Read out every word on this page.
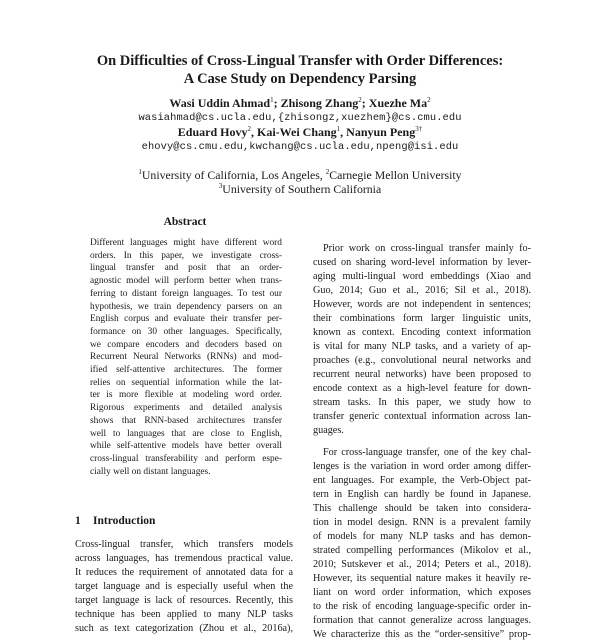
On Difficulties of Cross-Lingual Transfer with Order Differences:
A Case Study on Dependency Parsing
Wasi Uddin Ahmad$^1$; Zhisong Zhang$^2$; Xuezhe Ma$^2$
wasiahmad@cs.ucla.edu,{zhisongz,xuezhem}@cs.cmu.edu
Eduard Hovy$^2$, Kai-Wei Chang$^1$, Nanyun Peng$^{3\dagger}$
ehovy@cs.cmu.edu,kwchang@cs.ucla.edu,npeng@isi.edu
$^1$University of California, Los Angeles, $^2$Carnegie Mellon University
$^3$University of Southern California
Abstract
Different languages might have different word
orders. In this paper, we investigate cross-
lingual transfer and posit that an order-
agnostic model will perform better when trans-
ferring to distant foreign languages. To test our
hypothesis, we train dependency parsers on an
English corpus and evaluate their transfer per-
formance on 30 other languages. Specifically,
we compare encoders and decoders based on
Recurrent Neural Networks (RNNs) and mod-
ified self-attentive architectures. The former
relies on sequential information while the lat-
ter is more flexible at modeling word order.
Rigorous experiments and detailed analysis
shows that RNN-based architectures transfer
well to languages that are close to English,
while self-attentive models have better overall
cross-lingual transferability and perform espe-
cially well on distant languages.
1 Introduction
Cross-lingual transfer, which transfers models
across languages, has tremendous practical value.
It reduces the requirement of annotated data for a
target language and is especially useful when the
target language is lack of resources. Recently, this
technique has been applied to many NLP tasks
such as text categorization (Zhou et al., 2016a),
Prior work on cross-lingual transfer mainly fo-
cused on sharing word-level information by lever-
aging multi-lingual word embeddings (Xiao and
Guo, 2014; Guo et al., 2016; Sil et al., 2018).
However, words are not independent in sentences;
their combinations form larger linguistic units,
known as context. Encoding context information
is vital for many NLP tasks, and a variety of ap-
proaches (e.g., convolutional neural networks and
recurrent neural networks) have been proposed to
encode context as a high-level feature for down-
stream tasks. In this paper, we study how to
transfer generic contextual information across lan-
guages.
For cross-language transfer, one of the key chal-
lenges is the variation in word order among differ-
ent languages. For example, the Verb-Object pat-
tern in English can hardly be found in Japanese.
This challenge should be taken into considera-
tion in model design. RNN is a prevalent family
of models for many NLP tasks and has demon-
strated compelling performances (Mikolov et al.,
2010; Sutskever et al., 2014; Peters et al., 2018).
However, its sequential nature makes it heavily re-
liant on word order information, which exposes
to the risk of encoding language-specific order in-
formation that cannot generalize across languages.
We characterize this as the “order-sensitive” prop-
